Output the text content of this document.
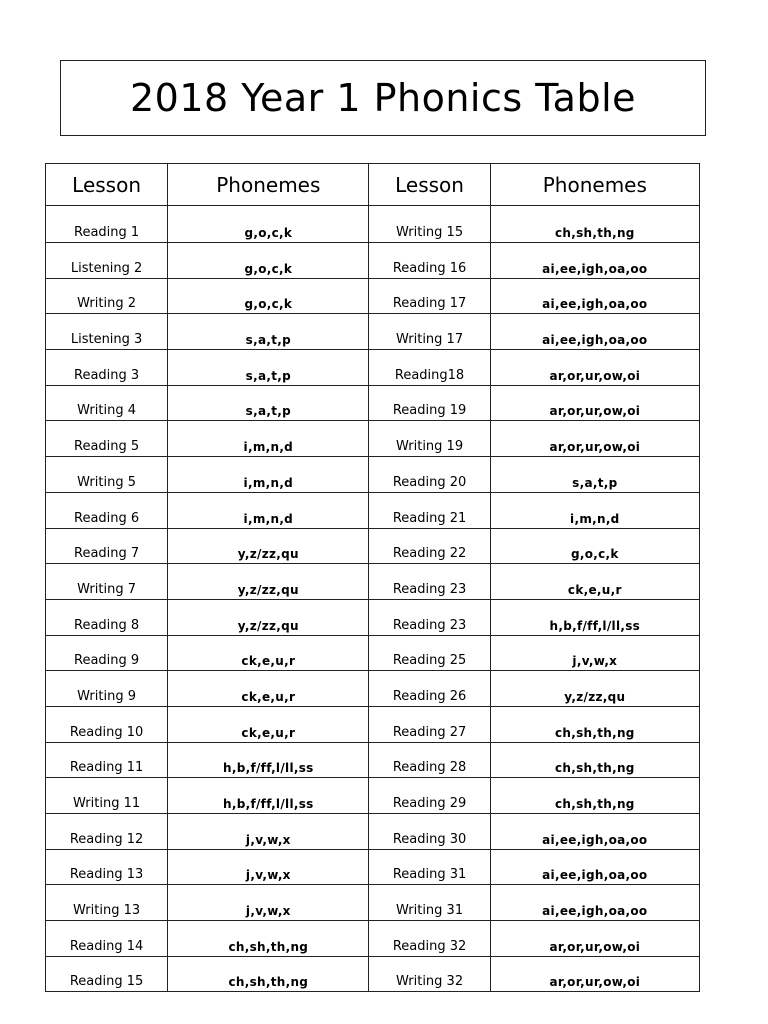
2018 Year 1 Phonics Table
Lesson	Phonemes	Lesson	Phonemes
Reading 1	g,o,c,k	Writing 15	ch,sh,th,ng
Listening 2	g,o,c,k	Reading 16	ai,ee,igh,oa,oo
Writing 2	g,o,c,k	Reading 17	ai,ee,igh,oa,oo
Listening 3	s,a,t,p	Writing 17	ai,ee,igh,oa,oo
Reading 3	s,a,t,p	Reading18	ar,or,ur,ow,oi
Writing 4	s,a,t,p	Reading 19	ar,or,ur,ow,oi
Reading 5	i,m,n,d	Writing 19	ar,or,ur,ow,oi
Writing 5	i,m,n,d	Reading 20	s,a,t,p
Reading 6	i,m,n,d	Reading 21	i,m,n,d
Reading 7	y,z/zz,qu	Reading 22	g,o,c,k
Writing 7	y,z/zz,qu	Reading 23	ck,e,u,r
Reading 8	y,z/zz,qu	Reading 23	h,b,f/ff,l/ll,ss
Reading 9	ck,e,u,r	Reading 25	j,v,w,x
Writing 9	ck,e,u,r	Reading 26	y,z/zz,qu
Reading 10	ck,e,u,r	Reading 27	ch,sh,th,ng
Reading 11	h,b,f/ff,l/ll,ss	Reading 28	ch,sh,th,ng
Writing 11	h,b,f/ff,l/ll,ss	Reading 29	ch,sh,th,ng
Reading 12	j,v,w,x	Reading 30	ai,ee,igh,oa,oo
Reading 13	j,v,w,x	Reading 31	ai,ee,igh,oa,oo
Writing 13	j,v,w,x	Writing 31	ai,ee,igh,oa,oo
Reading 14	ch,sh,th,ng	Reading 32	ar,or,ur,ow,oi
Reading 15	ch,sh,th,ng	Writing 32	ar,or,ur,ow,oi
